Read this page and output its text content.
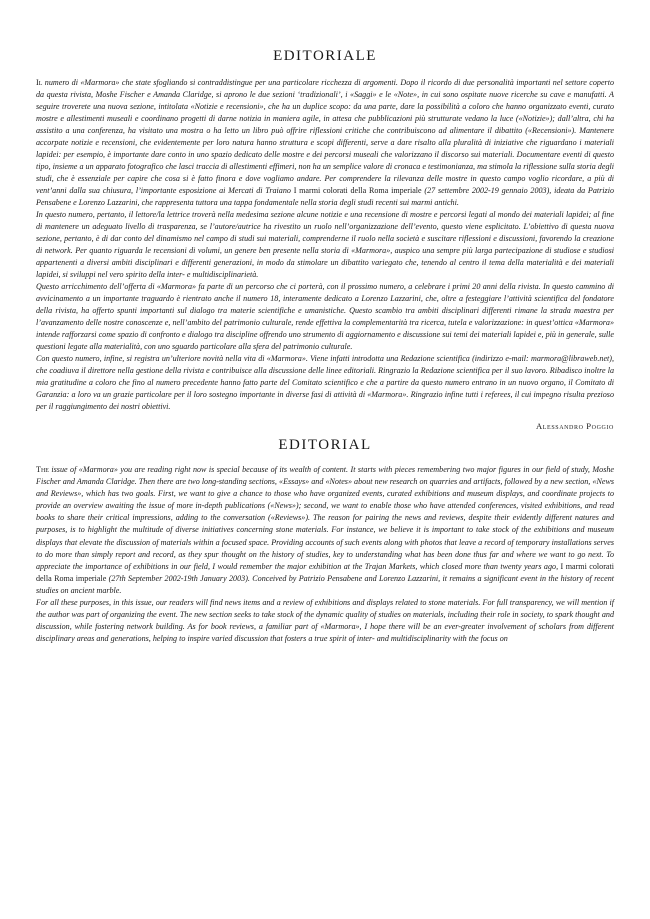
EDITORIALE

Il numero di «Marmora» che state sfogliando si contraddistingue per una particolare ricchezza di argomenti. Dopo il ricordo di due personalità importanti nel settore coperto da questa rivista, Moshe Fischer e Amanda Claridge, si aprono le due sezioni ‘tradizionali’, i «Saggi» e le «Note», in cui sono ospitate nuove ricerche su cave e manufatti. A seguire troverete una nuova sezione, intitolata «Notizie e recensioni», che ha un duplice scopo: da una parte, dare la possibilità a coloro che hanno organizzato eventi, curato mostre e allestimenti museali e coordinano progetti di darne notizia in maniera agile, in attesa che pubblicazioni più strutturate vedano la luce («Notizie»); dall’altra, chi ha assistito a una conferenza, ha visitato una mostra o ha letto un libro può offrire riflessioni critiche che contribuiscono ad alimentare il dibattito («Recensioni»). Mantenere accorpate notizie e recensioni, che evidentemente per loro natura hanno struttura e scopi differenti, serve a dare risalto alla pluralità di iniziative che riguardano i materiali lapidei: per esempio, è importante dare conto in uno spazio dedicato delle mostre e dei percorsi museali che valorizzano il discorso sui materiali. Documentare eventi di questo tipo, insieme a un apparato fotografico che lasci traccia di allestimenti effimeri, non ha un semplice valore di cronaca e testimonianza, ma stimola la riflessione sulla storia degli studi, che è essenziale per capire che cosa si è fatto finora e dove vogliamo andare. Per comprendere la rilevanza delle mostre in questo campo voglio ricordare, a più di vent’anni dalla sua chiusura, l’importante esposizione ai Mercati di Traiano I marmi colorati della Roma imperiale (27 settembre 2002-19 gennaio 2003), ideata da Patrizio Pensabene e Lorenzo Lazzarini, che rappresenta tuttora una tappa fondamentale nella storia degli studi recenti sui marmi antichi.

In questo numero, pertanto, il lettore/la lettrice troverà nella medesima sezione alcune notizie e una recensione di mostre e percorsi legati al mondo dei materiali lapidei; al fine di mantenere un adeguato livello di trasparenza, se l’autore/autrice ha rivestito un ruolo nell’organizzazione dell’evento, questo viene esplicitato. L’obiettivo di questa nuova sezione, pertanto, è di dar conto del dinamismo nel campo di studi sui materiali, comprenderne il ruolo nella società e suscitare riflessioni e discussioni, favorendo la creazione di network. Per quanto riguarda le recensioni di volumi, un genere ben presente nella storia di «Marmora», auspico una sempre più larga partecipazione di studiose e studiosi appartenenti a diversi ambiti disciplinari e differenti generazioni, in modo da stimolare un dibattito variegato che, tenendo al centro il tema della materialità e dei materiali lapidei, si sviluppi nel vero spirito della inter- e multidisciplinarietà.

Questo arricchimento dell’offerta di «Marmora» fa parte di un percorso che ci porterà, con il prossimo numero, a celebrare i primi 20 anni della rivista. In questo cammino di avvicinamento a un importante traguardo è rientrato anche il numero 18, interamente dedicato a Lorenzo Lazzarini, che, oltre a festeggiare l’attività scientifica del fondatore della rivista, ha offerto spunti importanti sul dialogo tra materie scientifiche e umanistiche. Questo scambio tra ambiti disciplinari differenti rimane la strada maestra per l’avanzamento delle nostre conoscenze e, nell’ambito del patrimonio culturale, rende effettiva la complementarità tra ricerca, tutela e valorizzazione: in quest’ottica «Marmora» intende rafforzarsi come spazio di confronto e dialogo tra discipline offrendo uno strumento di aggiornamento e discussione sui temi dei materiali lapidei e, più in generale, sulle questioni legate alla materialità, con uno sguardo particolare alla sfera del patrimonio culturale.

Con questo numero, infine, si registra un’ulteriore novità nella vita di «Marmora». Viene infatti introdotta una Redazione scientifica (indirizzo e-mail: marmora@libraweb.net), che coadiuva il direttore nella gestione della rivista e contribuisce alla discussione delle linee editoriali. Ringrazio la Redazione scientifica per il suo lavoro. Ribadisco inoltre la mia gratitudine a coloro che fino al numero precedente hanno fatto parte del Comitato scientifico e che a partire da questo numero entrano in un nuovo organo, il Comitato di Garanzia: a loro va un grazie particolare per il loro sostegno importante in diverse fasi di attività di «Marmora». Ringrazio infine tutti i referees, il cui impegno risulta prezioso per il raggiungimento dei nostri obiettivi.

Alessandro Poggio
EDITORIAL

The issue of «Marmora» you are reading right now is special because of its wealth of content. It starts with pieces remembering two major figures in our field of study, Moshe Fischer and Amanda Claridge. Then there are two long-standing sections, «Essays» and «Notes» about new research on quarries and artifacts, followed by a new section, «News and Reviews», which has two goals. First, we want to give a chance to those who have organized events, curated exhibitions and museum displays, and coordinate projects to provide an overview awaiting the issue of more in-depth publications («News»); second, we want to enable those who have attended conferences, visited exhibitions, and read books to share their critical impressions, adding to the conversation («Reviews»). The reason for pairing the news and reviews, despite their evidently different natures and purposes, is to highlight the multitude of diverse initiatives concerning stone materials. For instance, we believe it is important to take stock of the exhibitions and museum displays that elevate the discussion of materials within a focused space. Providing accounts of such events along with photos that leave a record of temporary installations serves to do more than simply report and record, as they spur thought on the history of studies, key to understanding what has been done thus far and where we want to go next. To appreciate the importance of exhibitions in our field, I would remember the major exhibition at the Trajan Markets, which closed more than twenty years ago, I marmi colorati della Roma imperiale (27th September 2002-19th January 2003). Conceived by Patrizio Pensabene and Lorenzo Lazzarini, it remains a significant event in the history of recent studies on ancient marble.

For all these purposes, in this issue, our readers will find news items and a review of exhibitions and displays related to stone materials. For full transparency, we will mention if the author was part of organizing the event. The new section seeks to take stock of the dynamic quality of studies on materials, including their role in society, to spark thought and discussion, while fostering network building. As for book reviews, a familiar part of «Marmora», I hope there will be an ever-greater involvement of scholars from different disciplinary areas and generations, helping to inspire varied discussion that fosters a true spirit of inter- and multidisciplinarity with the focus on
